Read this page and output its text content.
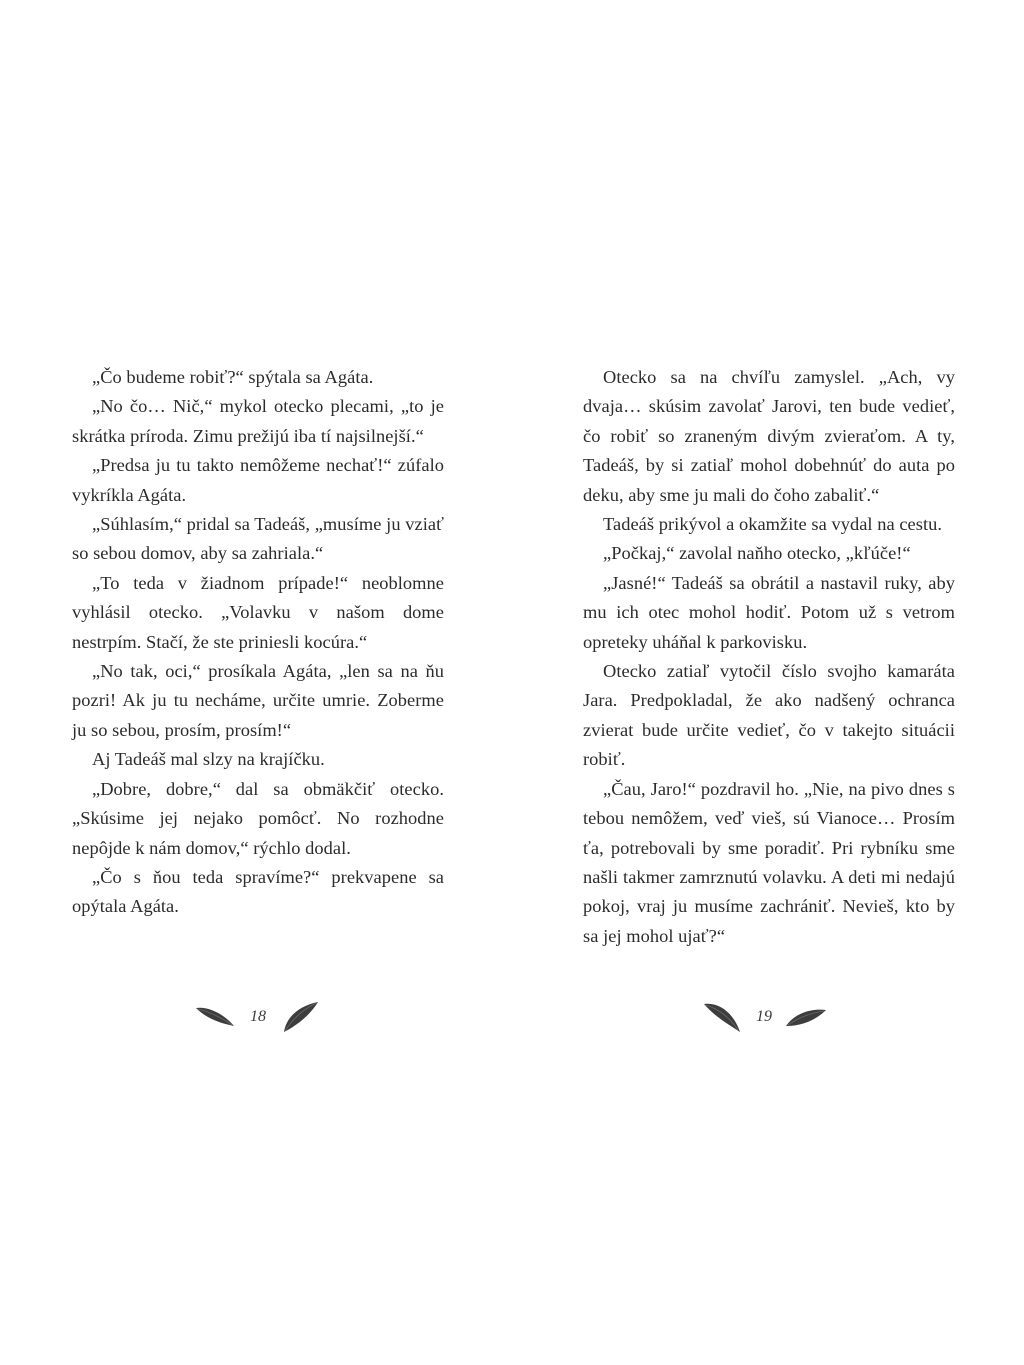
„Čo budeme robiť?“ spýtala sa Agáta.

„No čo… Nič,“ mykol otecko plecami, „to je skrátka príroda. Zimu prežijú iba tí najsilnejší.“

„Predsa ju tu takto nemôžeme nechať!“ zúfalo vykríkla Agáta.

„Súhlasím,“ pridal sa Tadeáš, „musíme ju vziať so sebou domov, aby sa zahriala.“

„To teda v žiadnom prípade!“ neoblomne vyhlásil otecko. „Volavku v našom dome nestrpím. Stačí, že ste priniesli kocúra.“

„No tak, oci,“ prosíkala Agáta, „len sa na ňu pozri! Ak ju tu necháme, určite umrie. Zoberme ju so sebou, prosím, prosím!“

Aj Tadeáš mal slzy na krajíčku.

„Dobre, dobre,“ dal sa obmäkčiť otecko. „Skúsime jej nejako pomôcť. No rozhodne nepôjde k nám domov,“ rýchlo dodal.

„Čo s ňou teda spravíme?“ prekvapene sa opýtala Agáta.

18

Otecko sa na chvíľu zamyslel. „Ach, vy dvaja… skúsim zavolať Jarovi, ten bude vedieť, čo robiť so zraneným divým zvieraťom. A ty, Tadeáš, by si zatiaľ mohol dobehnúť do auta po deku, aby sme ju mali do čoho zabaliť.“

Tadeáš prikývol a okamžite sa vydal na cestu.

„Počkaj,“ zavolal naňho otecko, „kľúče!“

„Jasné!“ Tadeáš sa obrátil a nastavil ruky, aby mu ich otec mohol hodiť. Potom už s vetrom opreteky uháňal k parkovisku.

Otecko zatiaľ vytočil číslo svojho kamaráta Jara. Predpokladal, že ako nadšený ochranca zvierat bude určite vedieť, čo v takejto situácii robiť.

„Čau, Jaro!“ pozdravil ho. „Nie, na pivo dnes s tebou nemôžem, veď vieš, sú Vianoce… Prosím ťa, potrebovali by sme poradiť. Pri rybníku sme našli takmer zamrznutú volavku. A deti mi nedajú pokoj, vraj ju musíme zachrániť. Nevieš, kto by sa jej mohol ujať?“

19
